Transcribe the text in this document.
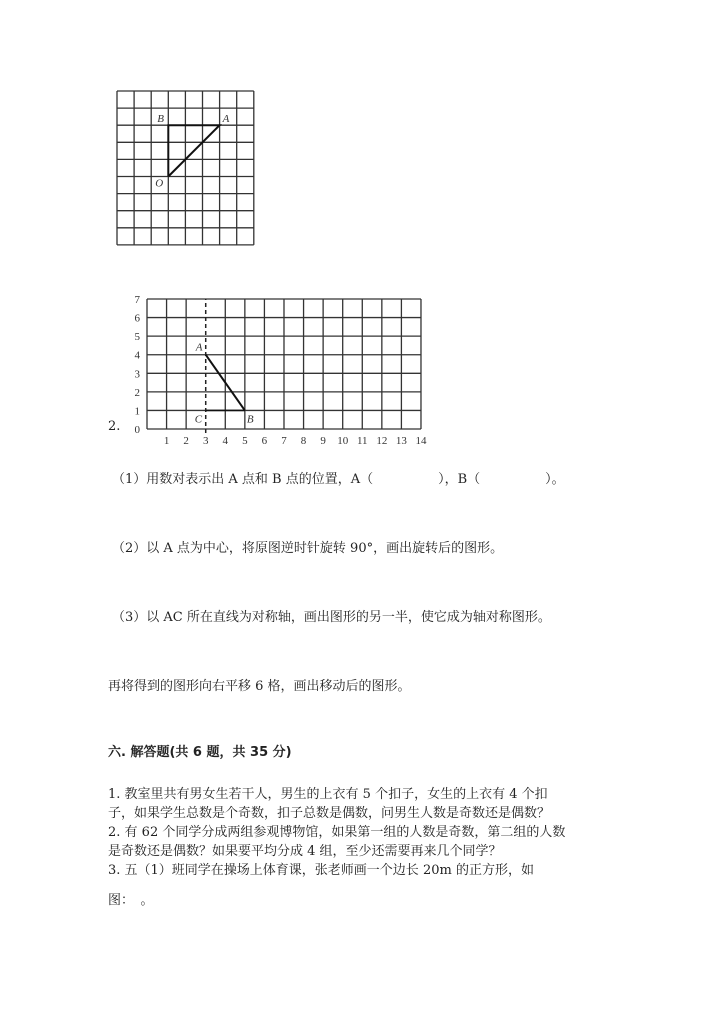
B	A
O
1 2 3 4 5 6 7 8 9 10 11 12 13 14
0
1
2
3
4
5
6
7
A
B
C
2.
（1）用数对表示出 A 点和 B 点的位置，A（　　　　　），B（　　　　　）。
（2）以 A 点为中心，将原图逆时针旋转 90°，画出旋转后的图形。
（3）以 AC 所在直线为对称轴，画出图形的另一半，使它成为轴对称图形。
再将得到的图形向右平移 6 格，画出移动后的图形。
六. 解答题(共 6 题，共 35 分)
1. 教室里共有男女生若干人，男生的上衣有 5 个扣子，女生的上衣有 4 个扣
子，如果学生总数是个奇数，扣子总数是偶数，问男生人数是奇数还是偶数？
2. 有 62 个同学分成两组参观博物馆，如果第一组的人数是奇数，第二组的人数
是奇数还是偶数？如果要平均分成 4 组，至少还需要再来几个同学？
3. 五（1）班同学在操场上体育课，张老师画一个边长 20m 的正方形，如
图：　。
